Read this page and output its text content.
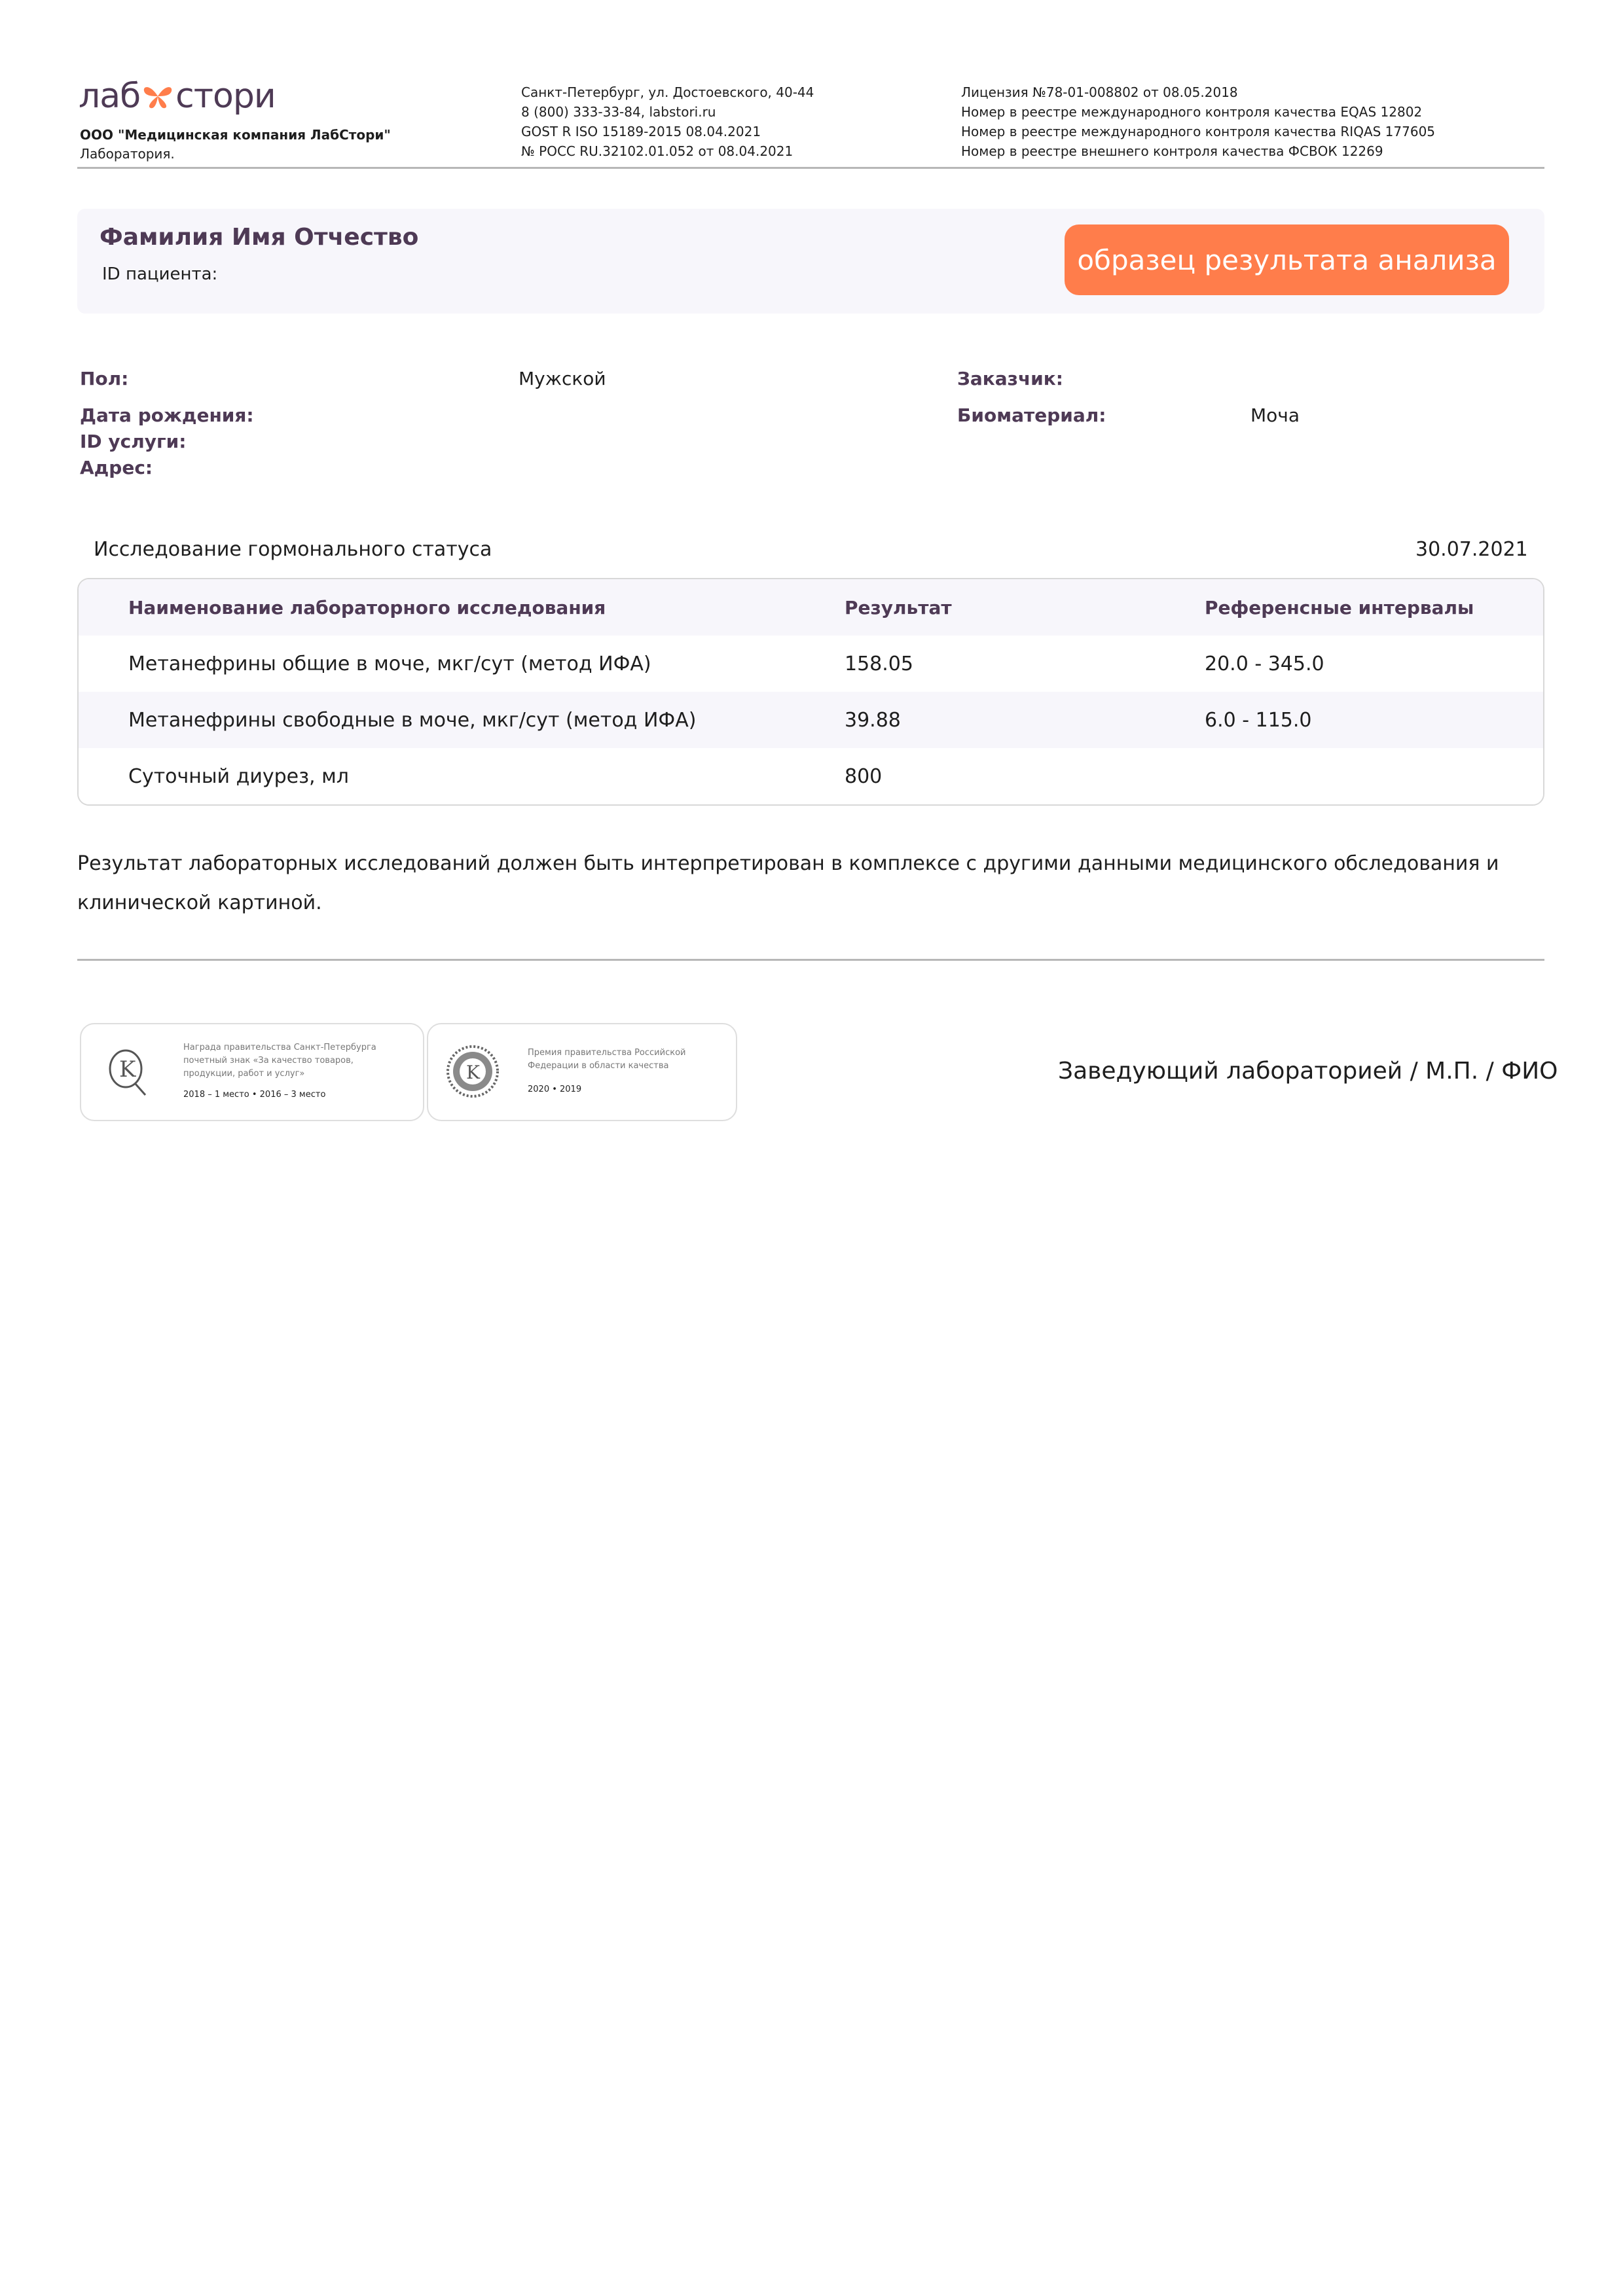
лаб стори
ООО "Медицинская компания ЛабСтори"
Лаборатория.
Санкт-Петербург, ул. Достоевского, 40-44
8 (800) 333-33-84, labstori.ru
GOST R ISO 15189-2015 08.04.2021
№ РОСС RU.32102.01.052 от 08.04.2021
Лицензия №78-01-008802 от 08.05.2018
Номер в реестре международного контроля качества EQAS 12802
Номер в реестре международного контроля качества RIQAS 177605
Номер в реестре внешнего контроля качества ФСВОК 12269
Фамилия Имя Отчество
ID пациента:	образец результата анализа
Пол:	Мужской	Заказчик:
Дата рождения:	Биоматериал:	Моча
ID услуги:
Адрес:
Исследование гормонального статуса	30.07.2021
Наименование лабораторного исследования	Результат	Референсные интервалы
Метанефрины общие в моче, мкг/сут (метод ИФА)	158.05	20.0 - 345.0
Метанефрины свободные в моче, мкг/сут (метод ИФА)	39.88	6.0 - 115.0
Суточный диурез, мл	800
Результат лабораторных исследований должен быть интерпретирован в комплексе с другими данными медицинского обследования и клинической картиной.
K
Награда правительства Санкт-Петербурга
почетный знак «За качество товаров,
продукции, работ и услуг»
2018 – 1 место • 2016 – 3 место
K
Премия правительства Российской
Федерации в области качества
2020 • 2019
Заведующий лабораторией / М.П. / ФИО
